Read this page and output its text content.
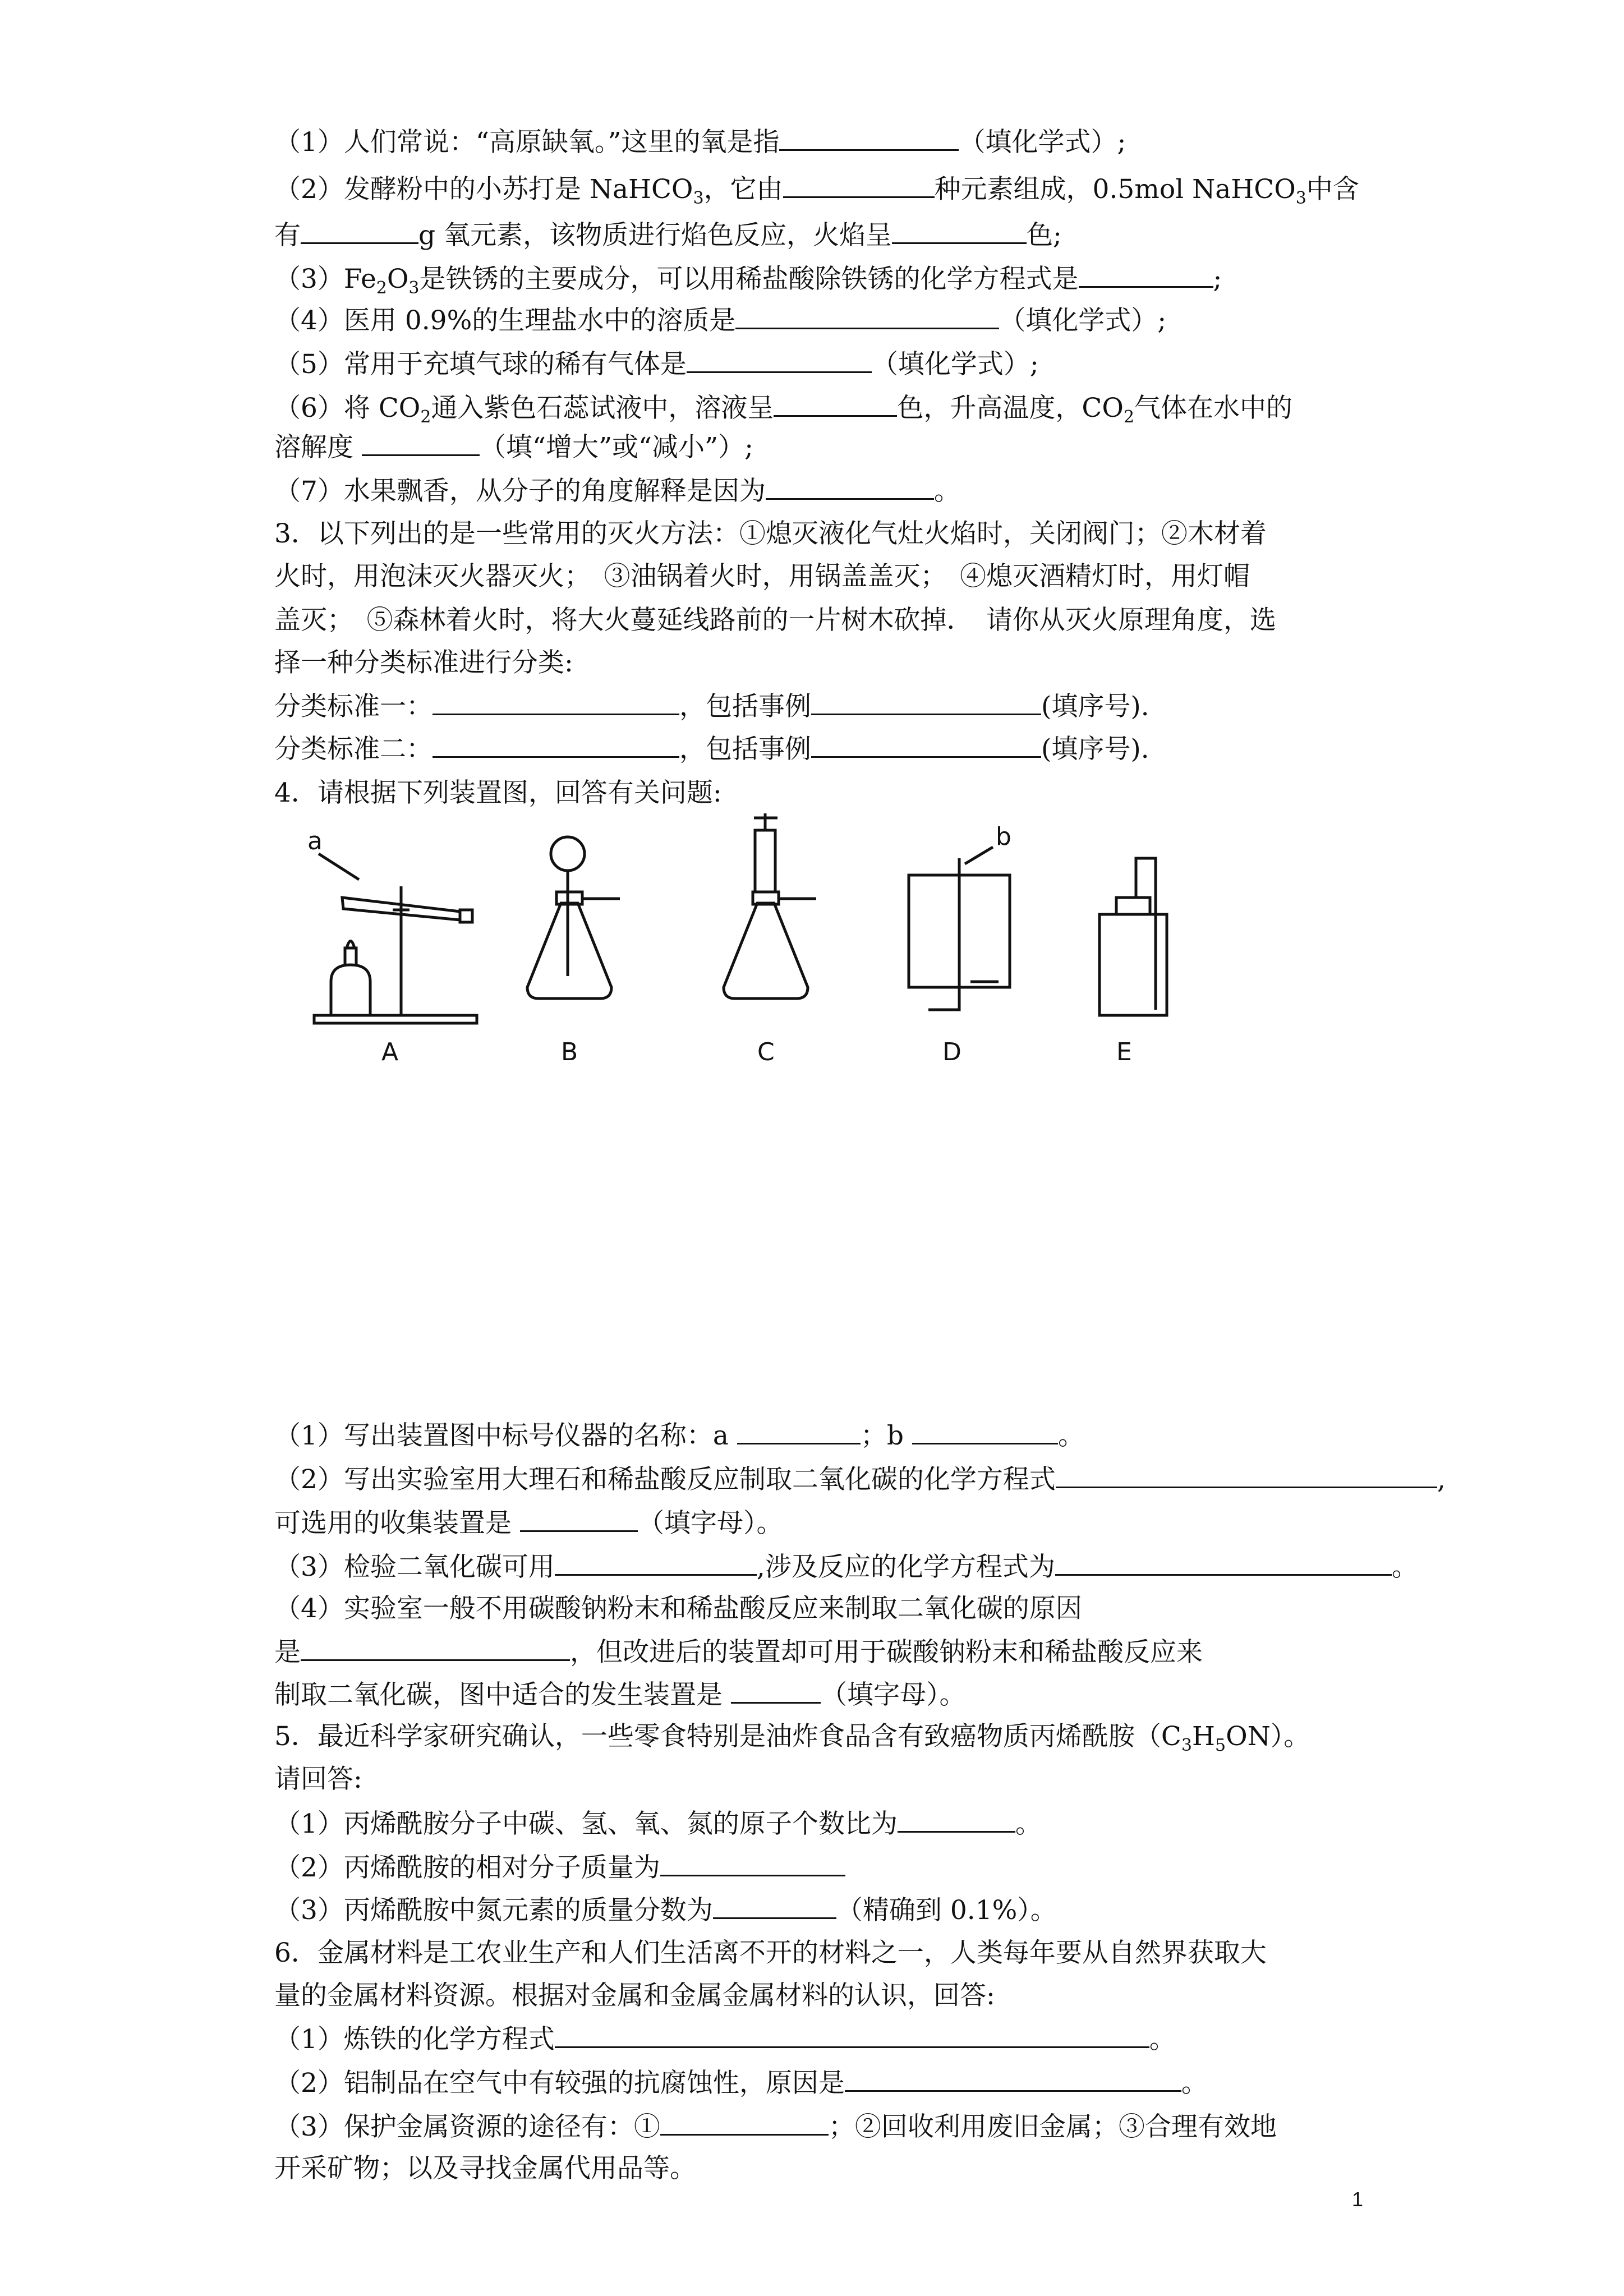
（1）人们常说：“高原缺氧。”这里的氧是指	（填化学式）;
（2）发酵粉中的小苏打是 NaHCO$_3$，它由	种元素组成，0.5mol NaHCO$_3$中含
有	g 氧元素，该物质进行焰色反应，火焰呈	色;
$(3)Fe_2O_3$是铁锈的主要成分，可以用稀盐酸除铁锈的化学方程式是	;
（4）医用 0.9%的生理盐水中的溶质是	（填化学式）;
（5）常用于充填气球的稀有气体是	（填化学式）;
（6）将 $CO_2$通入紫色石蕊试液中，溶液呈	色，升高温度，$CO_2$气体在水中的
溶解度	（填“增大”或“减小”）;
（7）水果飘香，从分子的角度解释是因为	。
3．以下列出的是一些常用的灭火方法：①熄灭液化气灶火焰时，关闭阀门；②木材着
火时，用泡沫灭火器灭火；　③油锅着火时，用锅盖盖灭；　④熄灭酒精灯时，用灯帽
盖灭；　⑤森林着火时，将大火蔓延线路前的一片树木砍掉．　请你从灭火原理角度，选
择一种分类标准进行分类:
分类标准一：	，包括事例	(填序号).
分类标准二：	，包括事例	(填序号).
4．请根据下列装置图，回答有关问题:
a	b
A	B	C	D	E
（1）写出装置图中标号仪器的名称：a	；b	。
（2）写出实验室用大理石和稀盐酸反应制取二氧化碳的化学方程式	,
可选用的收集装置是	（填字母）。
（3）检验二氧化碳可用	,涉及反应的化学方程式为	。
（4）实验室一般不用碳酸钠粉末和稀盐酸反应来制取二氧化碳的原因
是	，但改进后的装置却可用于碳酸钠粉末和稀盐酸反应来
制取二氧化碳，图中适合的发生装置是	（填字母）。
5．最近科学家研究确认，一些零食特别是油炸食品含有致癌物质丙烯酰胺$(C_3H_5ON)$。
请回答:
（1）丙烯酰胺分子中碳、氢、氧、氮的原子个数比为	。
（2）丙烯酰胺的相对分子质量为
（3）丙烯酰胺中氮元素的质量分数为	（精确到 0.1%）。
6．金属材料是工农业生产和人们生活离不开的材料之一，人类每年要从自然界获取大
量的金属材料资源。根据对金属和金属金属材料的认识，回答:
（1）炼铁的化学方程式	。
（2）铝制品在空气中有较强的抗腐蚀性，原因是	。
（3）保护金属资源的途径有：①	；②回收利用废旧金属；③合理有效地
开采矿物；以及寻找金属代用品等。
1
